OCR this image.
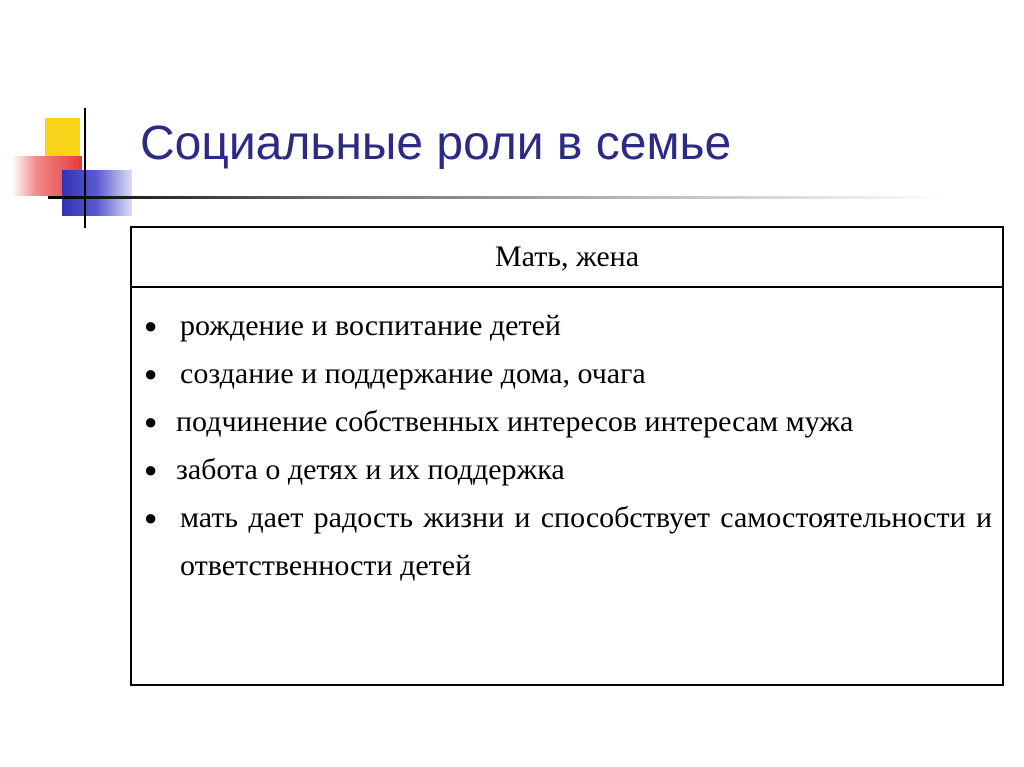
Социальные роли в семье
Мать, жена
● рождение и воспитание детей
● создание и поддержание дома, очага
● подчинение собственных интересов интересам мужа
● забота о детях и их поддержка
● мать дает радость жизни и способствует самостоятельности и ответственности детей
